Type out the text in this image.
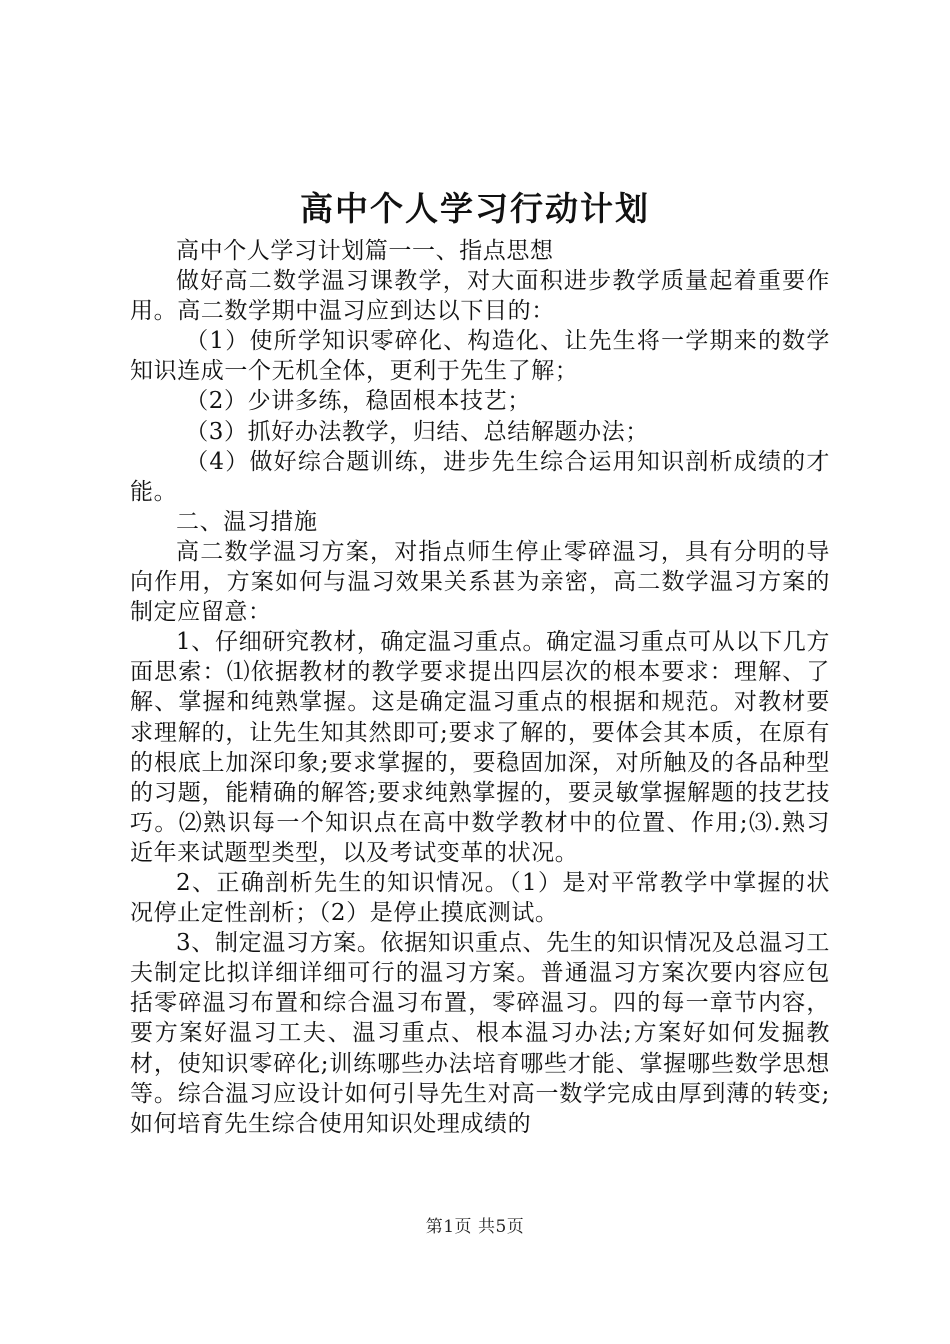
高中个人学习行动计划

高中个人学习计划篇一一、指点思想

做好高二数学温习课教学，对大面积进步教学质量起着重要作用。高二数学期中温习应到达以下目的：

（1）使所学知识零碎化、构造化、让先生将一学期来的数学知识连成一个无机全体，更利于先生了解；

（2）少讲多练，稳固根本技艺；

（3）抓好办法教学，归结、总结解题办法；

（4）做好综合题训练，进步先生综合运用知识剖析成绩的才能。

二、温习措施

高二数学温习方案，对指点师生停止零碎温习，具有分明的导向作用，方案如何与温习效果关系甚为亲密，高二数学温习方案的制定应留意：

1、仔细研究教材，确定温习重点。确定温习重点可从以下几方面思索：⑴依据教材的教学要求提出四层次的根本要求：理解、了解、掌握和纯熟掌握。这是确定温习重点的根据和规范。对教材要求理解的，让先生知其然即可;要求了解的，要体会其本质，在原有的根底上加深印象;要求掌握的，要稳固加深，对所触及的各品种型的习题，能精确的解答;要求纯熟掌握的，要灵敏掌握解题的技艺技巧。⑵熟识每一个知识点在高中数学教材中的位置、作用;⑶.熟习近年来试题型类型，以及考试变革的状况。

2、正确剖析先生的知识情况。（1）是对平常教学中掌握的状况停止定性剖析；（2）是停止摸底测试。

3、制定温习方案。依据知识重点、先生的知识情况及总温习工夫制定比拟详细详细可行的温习方案。普通温习方案次要内容应包括零碎温习布置和综合温习布置，零碎温习。四的每一章节内容，要方案好温习工夫、温习重点、根本温习办法;方案好如何发掘教材，使知识零碎化;训练哪些办法培育哪些才能、掌握哪些数学思想等。综合温习应设计如何引导先生对高一数学完成由厚到薄的转变;如何培育先生综合使用知识处理成绩的

第1页 共5页
